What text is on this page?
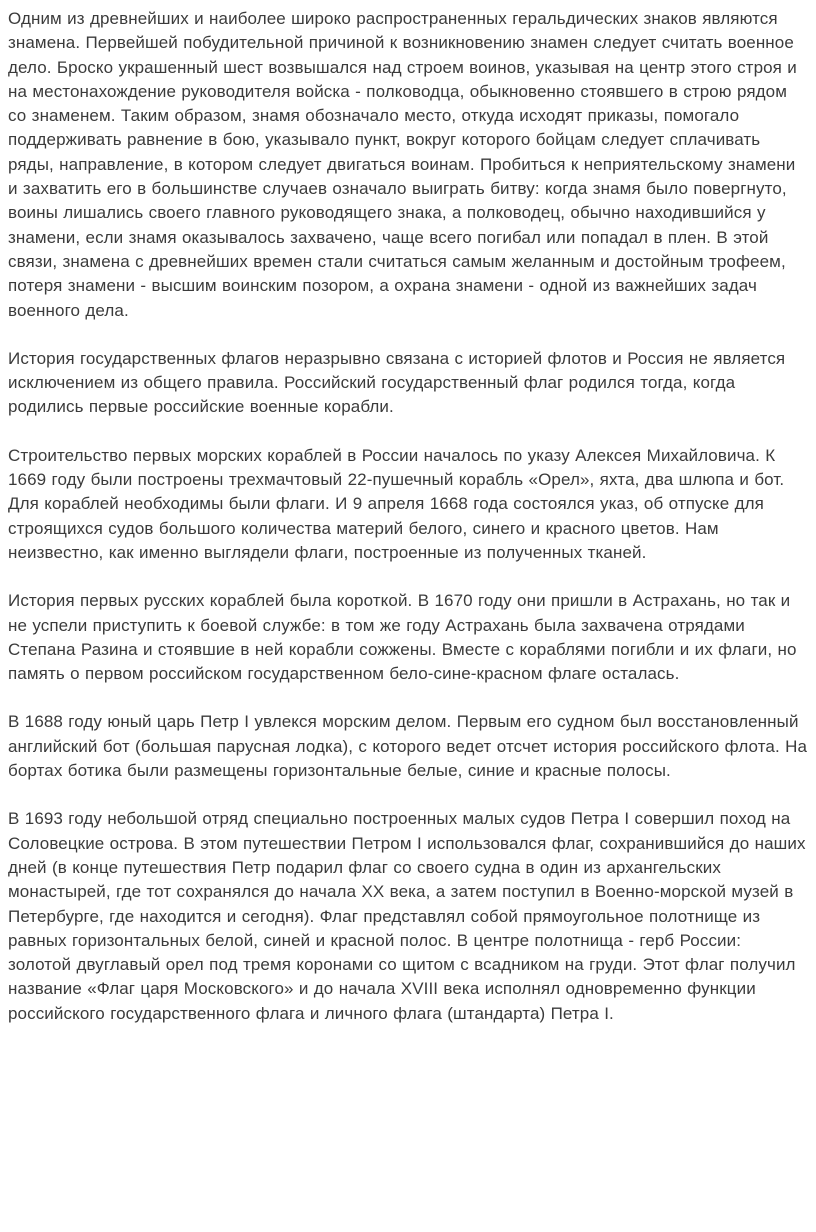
Одним из древнейших и наиболее широко распространенных геральдических знаков являются знамена. Первейшей побудительной причиной к возникновению знамен следует считать военное дело. Броско украшенный шест возвышался над строем воинов, указывая на центр этого строя и на местонахождение руководителя войска - полководца, обыкновенно стоявшего в строю рядом со знаменем. Таким образом, знамя обозначало место, откуда исходят приказы, помогало поддерживать равнение в бою, указывало пункт, вокруг которого бойцам следует сплачивать ряды, направление, в котором следует двигаться воинам. Пробиться к неприятельскому знамени и захватить его в большинстве случаев означало выиграть битву: когда знамя было повергнуто, воины лишались своего главного руководящего знака, а полководец, обычно находившийся у знамени, если знамя оказывалось захвачено, чаще всего погибал или попадал в плен. В этой связи, знамена с древнейших времен стали считаться самым желанным и достойным трофеем, потеря знамени - высшим воинским позором, а охрана знамени - одной из важнейших задач военного дела.

История государственных флагов неразрывно связана с историей флотов и Россия не является исключением из общего правила. Российский государственный флаг родился тогда, когда родились первые российские военные корабли.

Строительство первых морских кораблей в России началось по указу Алексея Михайловича. К 1669 году были построены трехмачтовый 22-пушечный корабль «Орел», яхта, два шлюпа и бот. Для кораблей необходимы были флаги. И 9 апреля 1668 года состоялся указ, об отпуске для строящихся судов большого количества материй белого, синего и красного цветов. Нам неизвестно, как именно выглядели флаги, построенные из полученных тканей.

История первых русских кораблей была короткой. В 1670 году они пришли в Астрахань, но так и не успели приступить к боевой службе: в том же году Астрахань была захвачена отрядами Степана Разина и стоявшие в ней корабли сожжены. Вместе с кораблями погибли и их флаги, но память о первом российском государственном бело-сине-красном флаге осталась.

В 1688 году юный царь Петр I увлекся морским делом. Первым его судном был восстановленный английский бот (большая парусная лодка), с которого ведет отсчет история российского флота. На бортах ботика были размещены горизонтальные белые, синие и красные полосы.

В 1693 году небольшой отряд специально построенных малых судов Петра I совершил поход на Соловецкие острова. В этом путешествии Петром I использовался флаг, сохранившийся до наших дней (в конце путешествия Петр подарил флаг со своего судна в один из архангельских монастырей, где тот сохранялся до начала XX века, а затем поступил в Военно-морской музей в Петербурге, где находится и сегодня). Флаг представлял собой прямоугольное полотнище из равных горизонтальных белой, синей и красной полос. В центре полотнища - герб России: золотой двуглавый орел под тремя коронами со щитом с всадником на груди. Этот флаг получил название «Флаг царя Московского» и до начала XVIII века исполнял одновременно функции российского государственного флага и личного флага (штандарта) Петра I.
